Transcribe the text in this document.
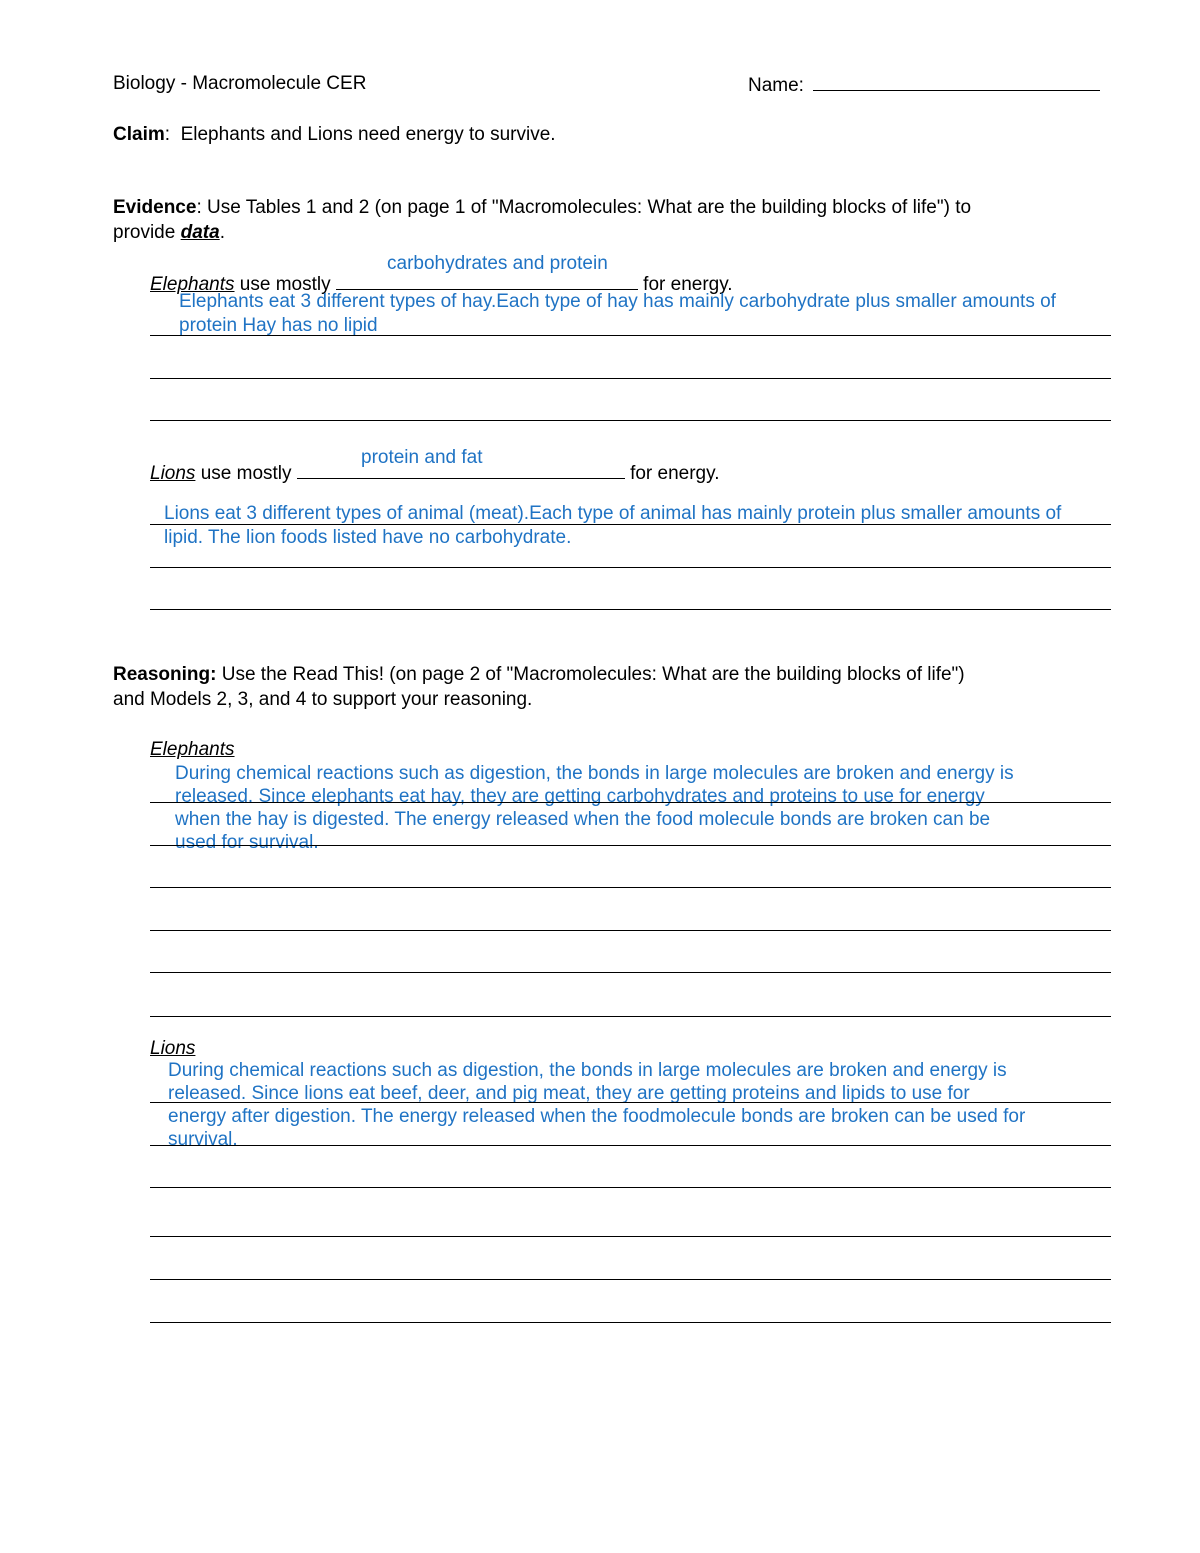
Biology - Macromolecule CER	Name:
Claim: Elephants and Lions need energy to survive.
Evidence: Use Tables 1 and 2 (on page 1 of "Macromolecules: What are the building blocks of life") to
provide data.
carbohydrates and protein
Elephants use mostly	for energy.
Elephants eat 3 different types of hay.Each type of hay has mainly carbohydrate plus smaller amounts of
protein Hay has no lipid
protein and fat
Lions use mostly	for energy.
Lions eat 3 different types of animal (meat).Each type of animal has mainly protein plus smaller amounts of
lipid. The lion foods listed have no carbohydrate.
Reasoning: Use the Read This! (on page 2 of "Macromolecules: What are the building blocks of life")
and Models 2, 3, and 4 to support your reasoning.
Elephants
During chemical reactions such as digestion, the bonds in large molecules are broken and energy is
released. Since elephants eat hay, they are getting carbohydrates and proteins to use for energy
when the hay is digested. The energy released when the food molecule bonds are broken can be
used for survival.
Lions
During chemical reactions such as digestion, the bonds in large molecules are broken and energy is
released. Since lions eat beef, deer, and pig meat, they are getting proteins and lipids to use for
energy after digestion. The energy released when the foodmolecule bonds are broken can be used for
survival.
